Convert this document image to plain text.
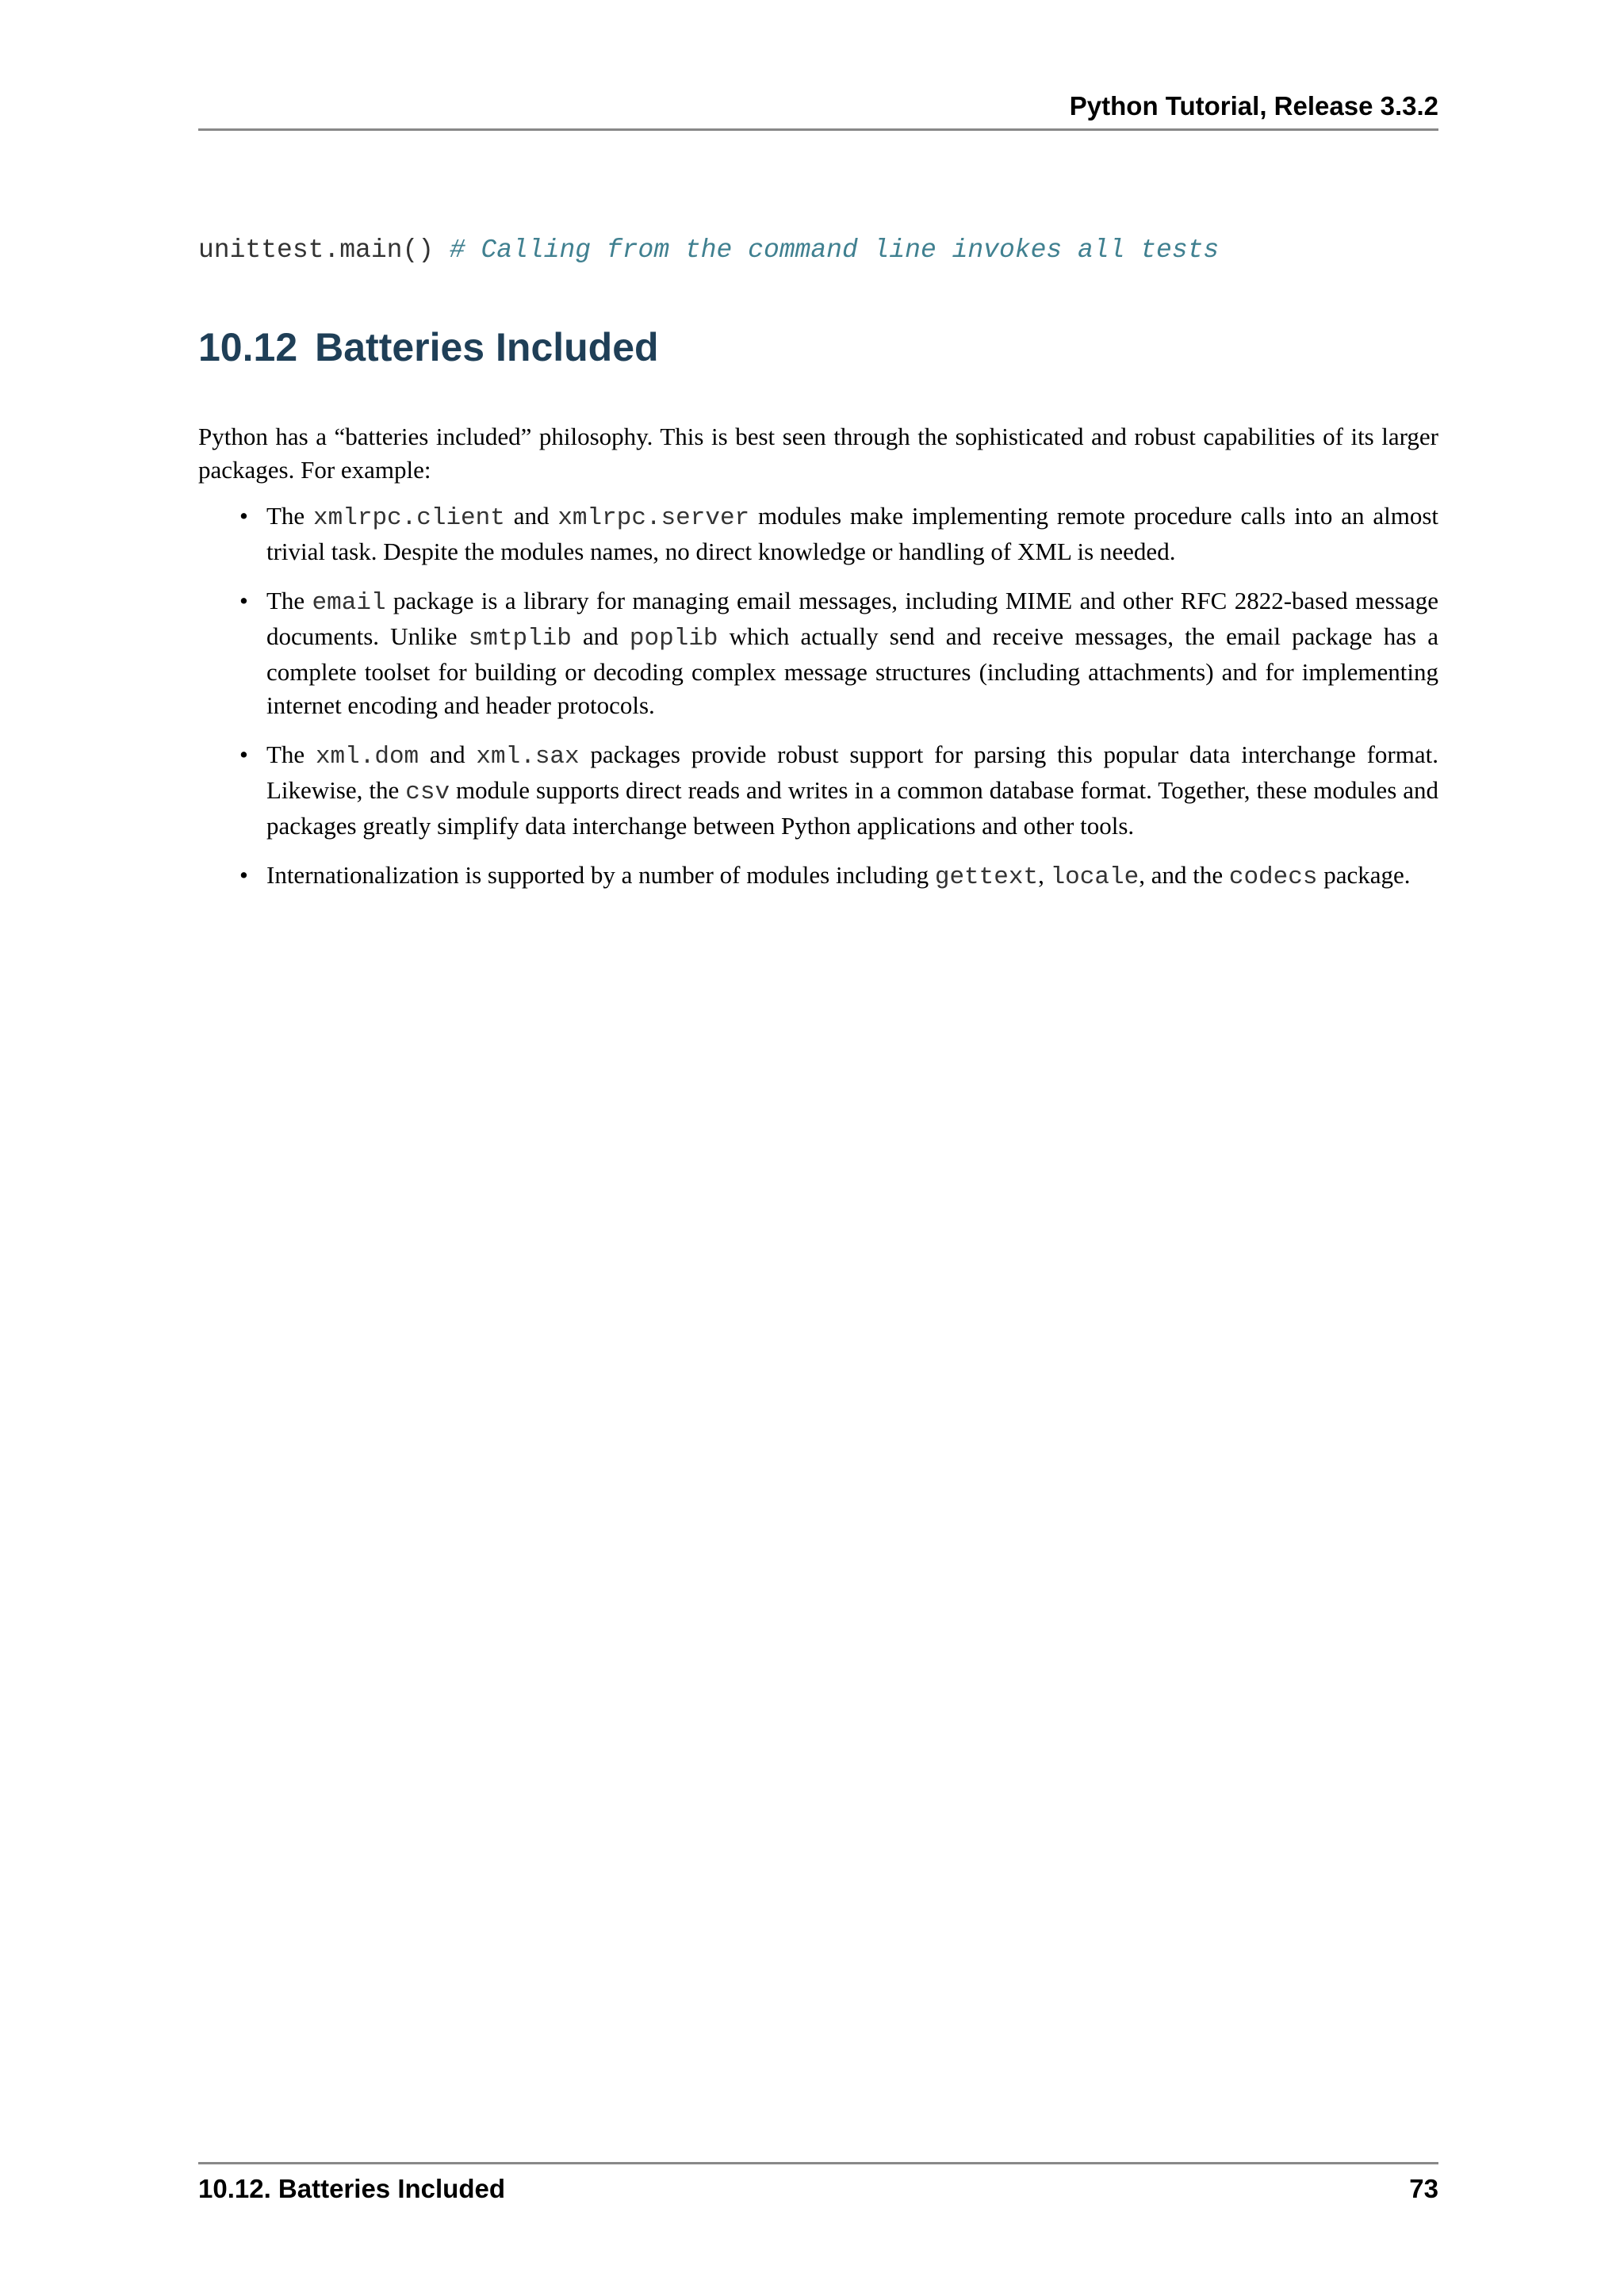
Python Tutorial, Release 3.3.2
unittest.main() # Calling from the command line invokes all tests
10.12 Batteries Included

Python has a “batteries included” philosophy. This is best seen through the sophisticated and robust capabilities of its larger packages. For example:

• The xmlrpc.client and xmlrpc.server modules make implementing remote procedure calls into an almost trivial task. Despite the modules names, no direct knowledge or handling of XML is needed.
• The email package is a library for managing email messages, including MIME and other RFC 2822-based message documents. Unlike smtplib and poplib which actually send and receive messages, the email package has a complete toolset for building or decoding complex message structures (including attachments) and for implementing internet encoding and header protocols.
• The xml.dom and xml.sax packages provide robust support for parsing this popular data interchange format. Likewise, the csv module supports direct reads and writes in a common database format. Together, these modules and packages greatly simplify data interchange between Python applications and other tools.
• Internationalization is supported by a number of modules including gettext, locale, and the codecs package.
10.12. Batteries Included	73
